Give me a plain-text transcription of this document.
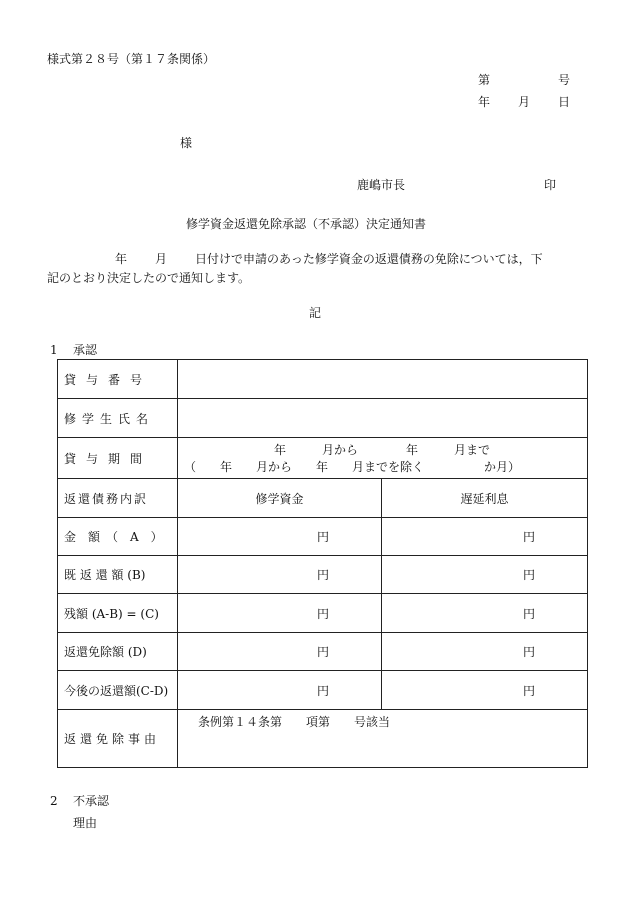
様式第２８号（第１７条関係）
第	号
年 月 日
様
鹿嶋市長	印
修学資金返還免除承認（不承認）決定通知書
年 月 日付けで申請のあった修学資金の返還債務の免除については，下
記のとおり決定したので通知します。
記
1 承認
貸与番号		
修学生氏名		
貸与期間	年　　　月から　　　　年　　　月まで
（　　年　　月から　　年　　月までを除く　　　　　か月）	

返還債務内訳	修学資金	遅延利息
金　額　（　A　）	円	円
既 返 還 額 (B)	円	円
残額 (A-B) = (C)	円	円
返還免除額 (D)	円	円
今後の返還額(C-D)	円	円
返還免除事由	条例第１４条第　　項第　　号該当	
2 不承認
理由
